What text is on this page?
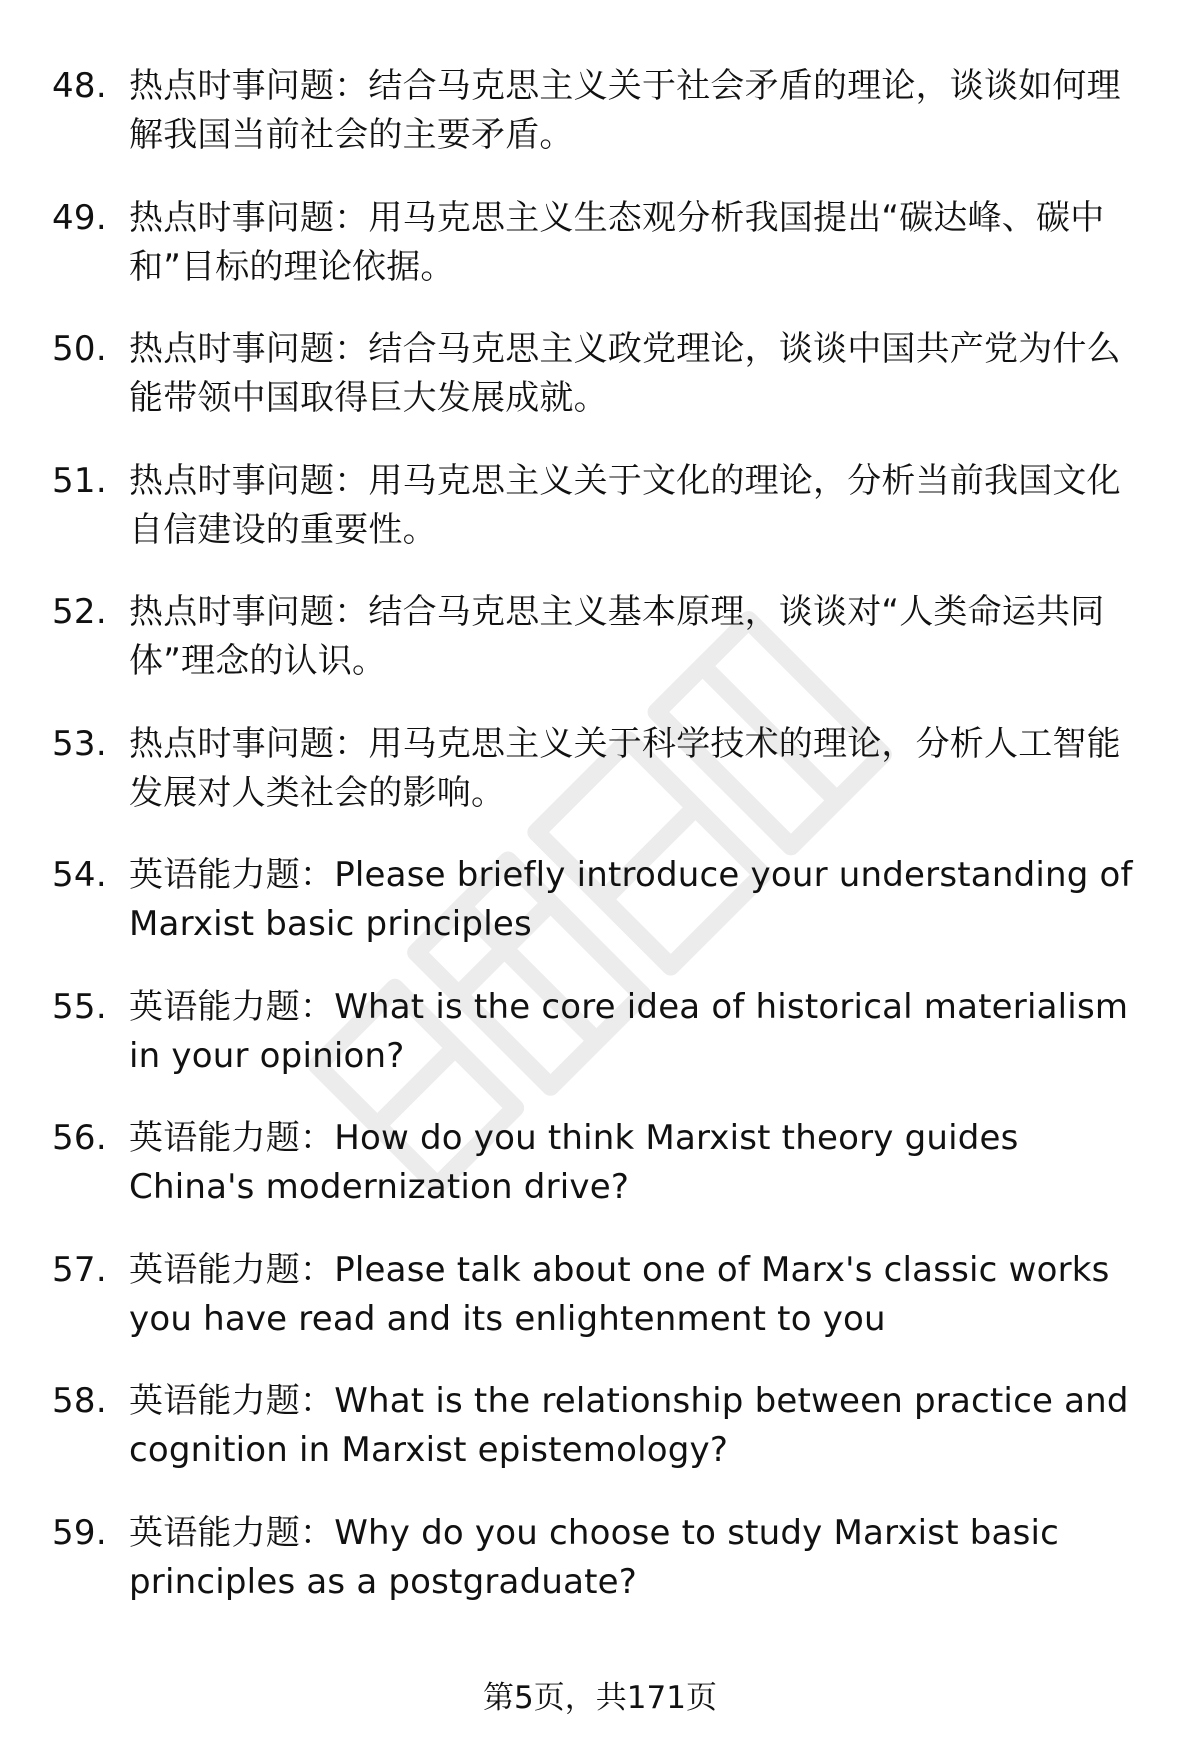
48. 热点时事问题：结合马克思主义关于社会矛盾的理论，谈谈如何理解我国当前社会的主要矛盾。
49. 热点时事问题：用马克思主义生态观分析我国提出“碳达峰、碳中和”目标的理论依据。
50. 热点时事问题：结合马克思主义政党理论，谈谈中国共产党为什么能带领中国取得巨大发展成就。
51. 热点时事问题：用马克思主义关于文化的理论，分析当前我国文化自信建设的重要性。
52. 热点时事问题：结合马克思主义基本原理，谈谈对“人类命运共同体”理念的认识。
53. 热点时事问题：用马克思主义关于科学技术的理论，分析人工智能发展对人类社会的影响。
54. 英语能力题：Please briefly introduce your understanding of Marxist basic principles
55. 英语能力题：What is the core idea of historical materialism in your opinion?
56. 英语能力题：How do you think Marxist theory guides China's modernization drive?
57. 英语能力题：Please talk about one of Marx's classic works you have read and its enlightenment to you
58. 英语能力题：What is the relationship between practice and cognition in Marxist epistemology?
59. 英语能力题：Why do you choose to study Marxist basic principles as a postgraduate?
第5页，共171页
